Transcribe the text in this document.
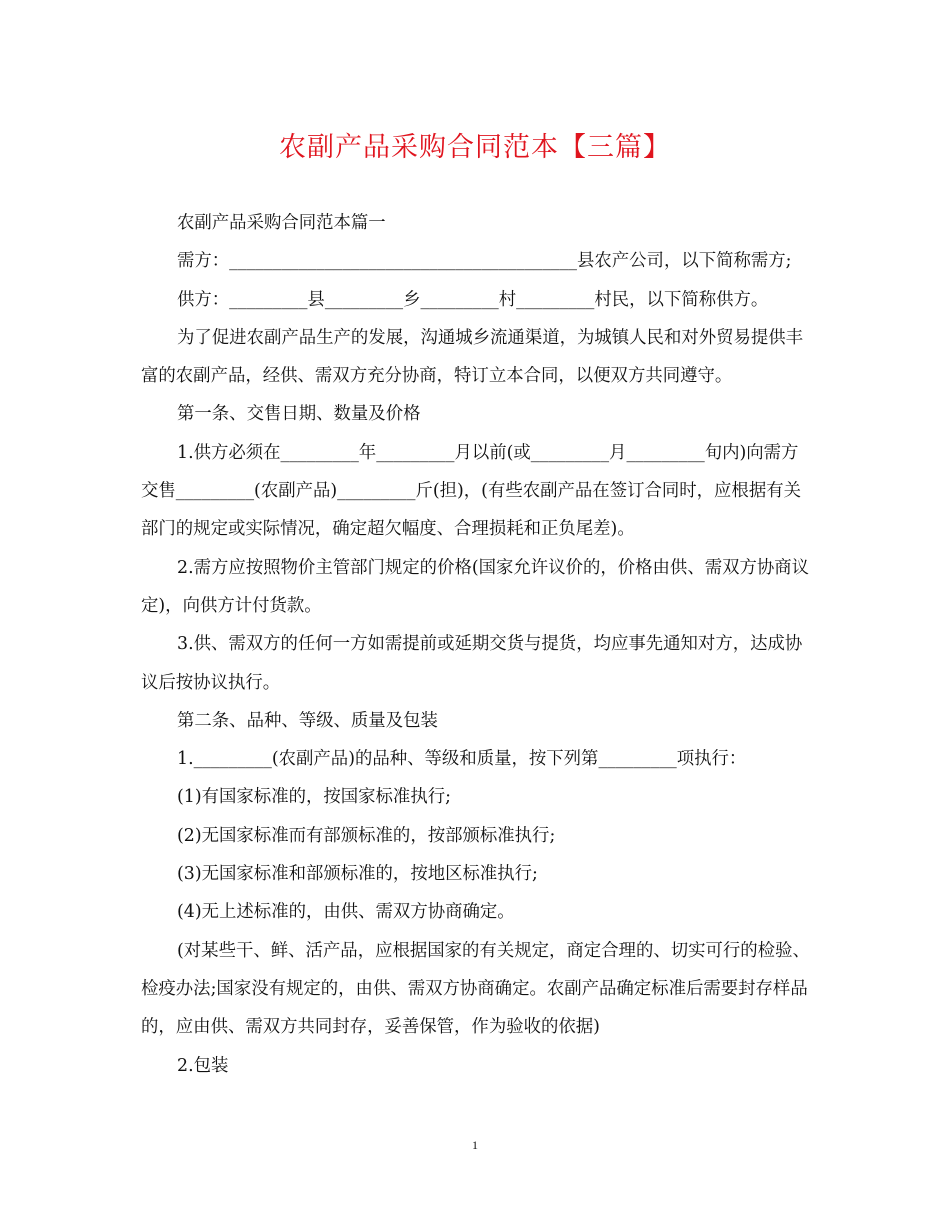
农副产品采购合同范本【三篇】

农副产品采购合同范本篇一

需方：________________________________________县农产公司，以下简称需方;

供方：_________县_________乡_________村_________村民，以下简称供方。

为了促进农副产品生产的发展，沟通城乡流通渠道，为城镇人民和对外贸易提供丰富的农副产品，经供、需双方充分协商，特订立本合同，以便双方共同遵守。

第一条、交售日期、数量及价格

1.供方必须在_________年_________月以前(或_________月_________旬内)向需方交售_________(农副产品)_________斤(担)，(有些农副产品在签订合同时，应根据有关部门的规定或实际情况，确定超欠幅度、合理损耗和正负尾差)。

2.需方应按照物价主管部门规定的价格(国家允许议价的，价格由供、需双方协商议定)，向供方计付货款。

3.供、需双方的任何一方如需提前或延期交货与提货，均应事先通知对方，达成协议后按协议执行。

第二条、品种、等级、质量及包装

1._________(农副产品)的品种、等级和质量，按下列第_________项执行：

(1)有国家标准的，按国家标准执行;

(2)无国家标准而有部颁标准的，按部颁标准执行;

(3)无国家标准和部颁标准的，按地区标准执行;

(4)无上述标准的，由供、需双方协商确定。

(对某些干、鲜、活产品，应根据国家的有关规定，商定合理的、切实可行的检验、检疫办法;国家没有规定的，由供、需双方协商确定。农副产品确定标准后需要封存样品的，应由供、需双方共同封存，妥善保管，作为验收的依据)

2.包装

1
